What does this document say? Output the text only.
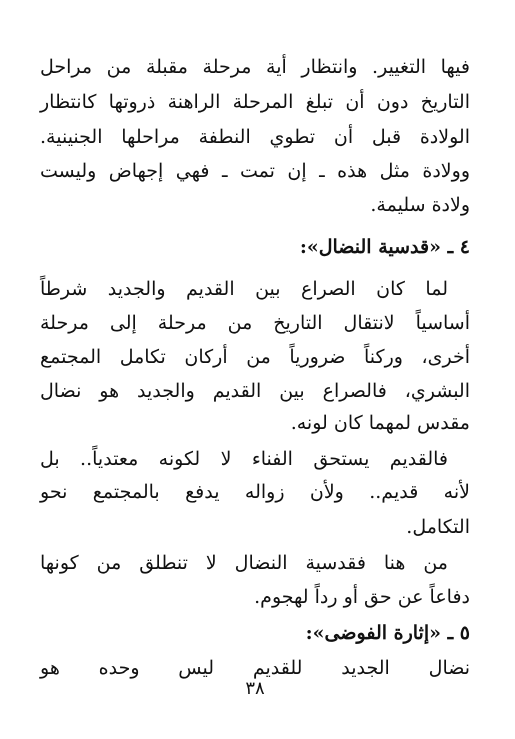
فيها التغيير. وانتظار أية مرحلة مقبلة من مراحل
التاريخ دون أن تبلغ المرحلة الراهنة ذروتها كانتظار
الولادة قبل أن تطوي النطفة مراحلها الجنينية.
وولادة مثل هذه ـ إن تمت ـ فهي إجهاض وليست
ولادة سليمة.
٤ ـ «قدسية النضال»:
لما كان الصراع بين القديم والجديد شرطاً
أساسياً لانتقال التاريخ من مرحلة إلى مرحلة
أخرى، وركناً ضرورياً من أركان تكامل المجتمع
البشري، فالصراع بين القديم والجديد هو نضال
مقدس لمهما كان لونه.
فالقديم يستحق الفناء لا لكونه معتدياً.. بل
لأنه قديم.. ولأن زواله يدفع بالمجتمع نحو
التكامل.
من هنا فقدسية النضال لا تنطلق من كونها
دفاعاً عن حق أو رداً لهجوم.
٥ ـ «إثارة الفوضى»:
نضال الجديد للقديم ليس وحده هو
٣٨
